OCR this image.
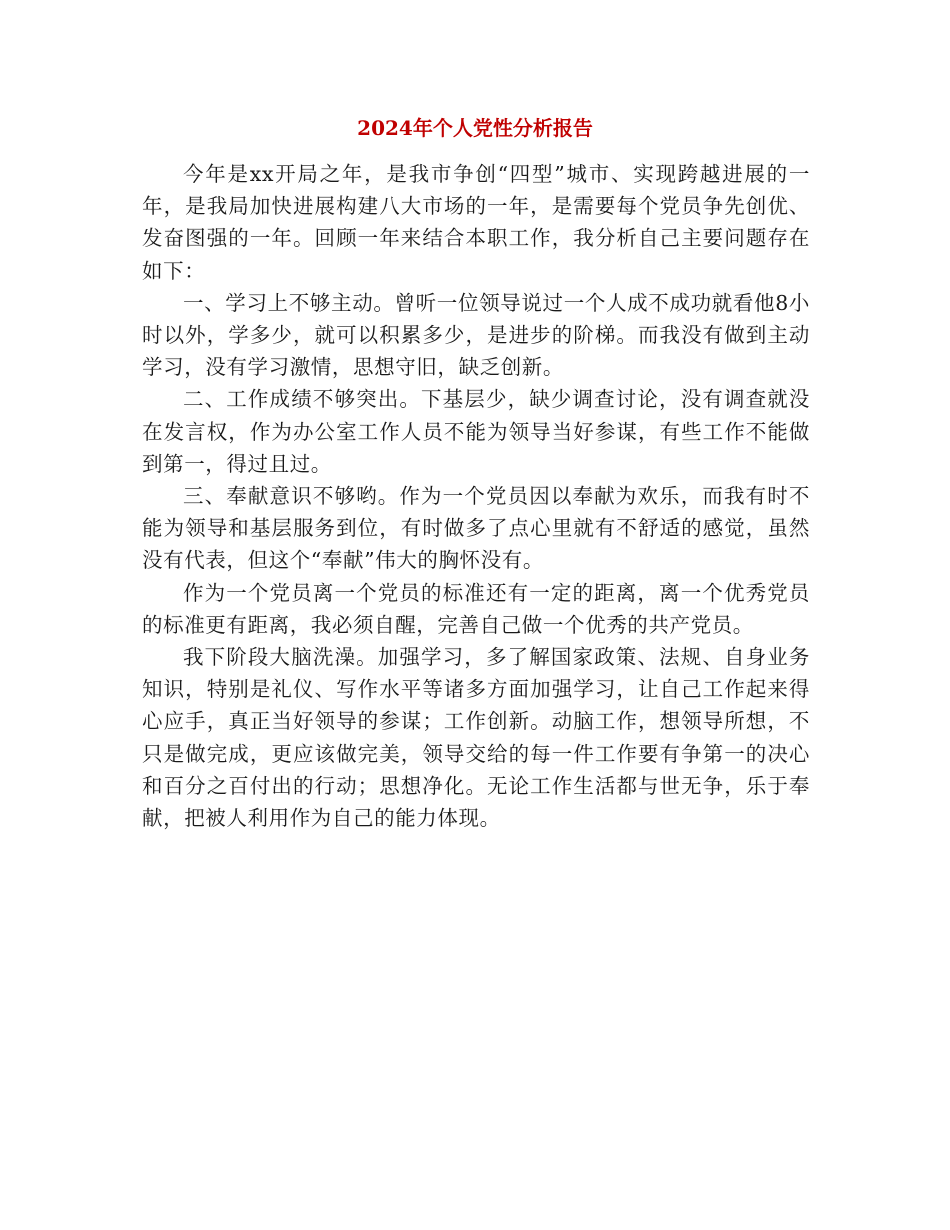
2024年个人党性分析报告

今年是xx开局之年，是我市争创“四型”城市、实现跨越进展的一年，是我局加快进展构建八大市场的一年，是需要每个党员争先创优、发奋图强的一年。回顾一年来结合本职工作，我分析自己主要问题存在如下：

一、学习上不够主动。曾听一位领导说过一个人成不成功就看他8小时以外，学多少，就可以积累多少，是进步的阶梯。而我没有做到主动学习，没有学习激情，思想守旧，缺乏创新。

二、工作成绩不够突出。下基层少，缺少调查讨论，没有调查就没在发言权，作为办公室工作人员不能为领导当好参谋，有些工作不能做到第一，得过且过。

三、奉献意识不够哟。作为一个党员因以奉献为欢乐，而我有时不能为领导和基层服务到位，有时做多了点心里就有不舒适的感觉，虽然没有代表，但这个“奉献”伟大的胸怀没有。

作为一个党员离一个党员的标准还有一定的距离，离一个优秀党员的标准更有距离，我必须自醒，完善自己做一个优秀的共产党员。

我下阶段大脑洗澡。加强学习，多了解国家政策、法规、自身业务知识，特别是礼仪、写作水平等诸多方面加强学习，让自己工作起来得心应手，真正当好领导的参谋；工作创新。动脑工作，想领导所想，不只是做完成，更应该做完美，领导交给的每一件工作要有争第一的决心和百分之百付出的行动；思想净化。无论工作生活都与世无争，乐于奉献，把被人利用作为自己的能力体现。
